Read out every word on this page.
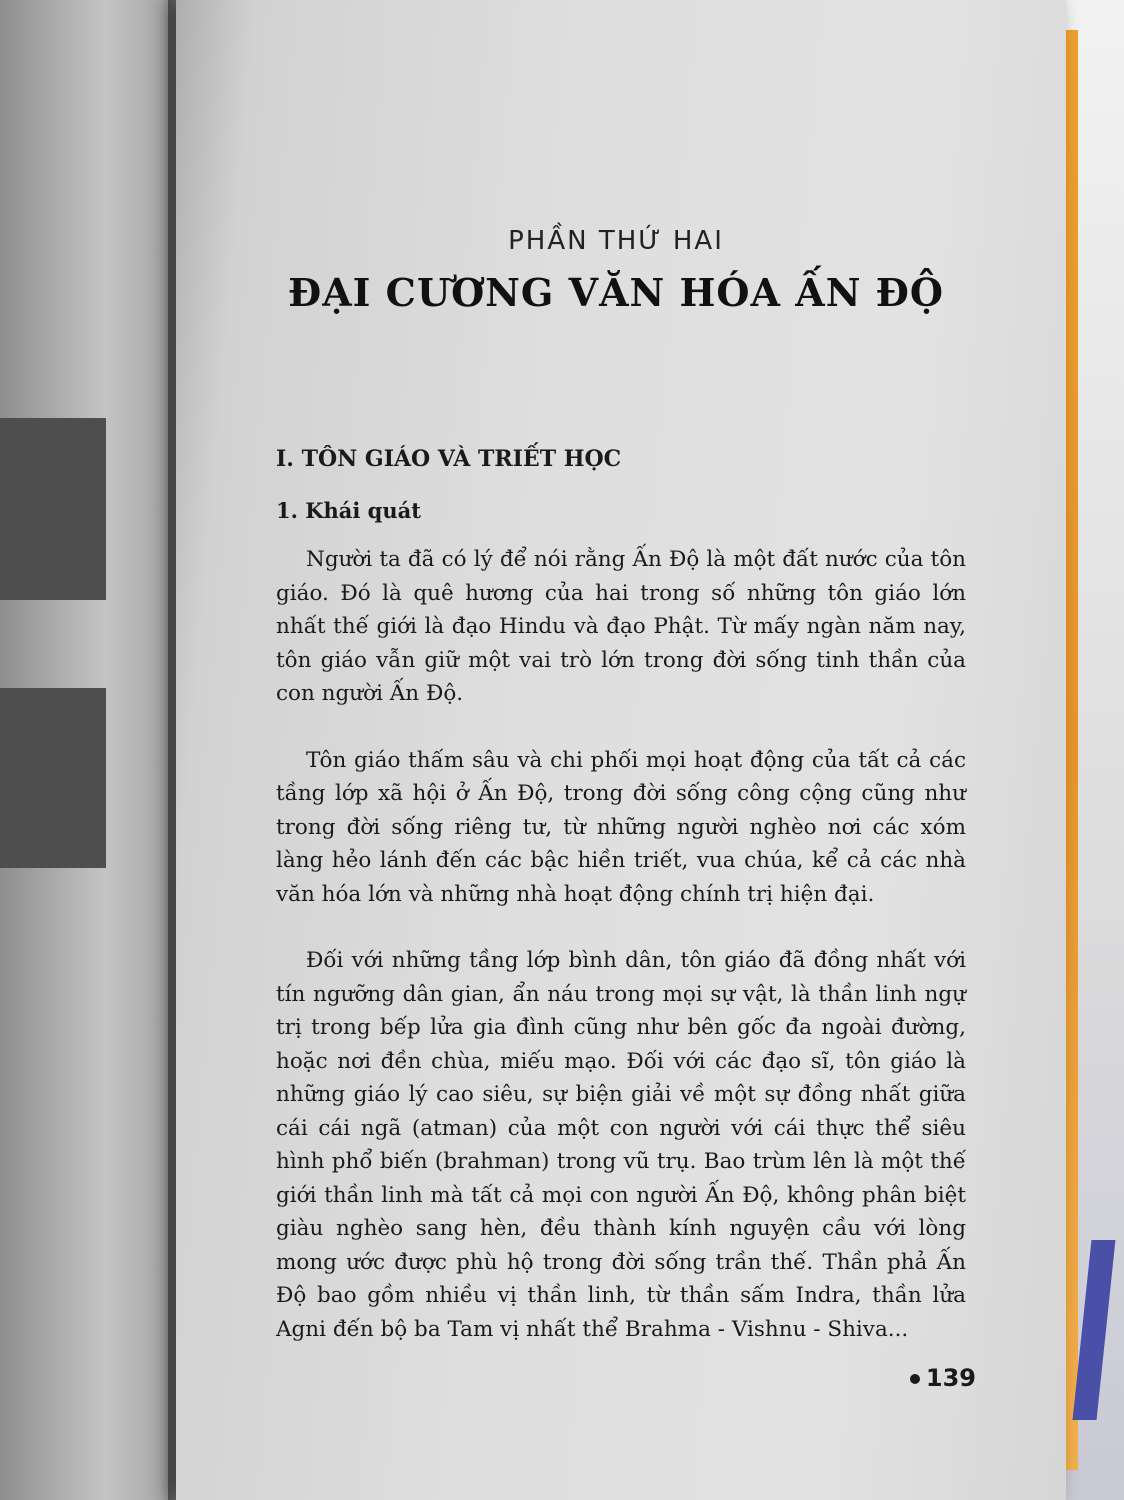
PHẦN THỨ HAI
ĐẠI CƯƠNG VĂN HÓA ẤN ĐỘ
I. TÔN GIÁO VÀ TRIẾT HỌC
1. Khái quát

Người ta đã có lý để nói rằng Ấn Độ là một đất nước của tôn giáo. Đó là quê hương của hai trong số những tôn giáo lớn nhất thế giới là đạo Hindu và đạo Phật. Từ mấy ngàn năm nay, tôn giáo vẫn giữ một vai trò lớn trong đời sống tinh thần của con người Ấn Độ.

Tôn giáo thấm sâu và chi phối mọi hoạt động của tất cả các tầng lớp xã hội ở Ấn Độ, trong đời sống công cộng cũng như trong đời sống riêng tư, từ những người nghèo nơi các xóm làng hẻo lánh đến các bậc hiền triết, vua chúa, kể cả các nhà văn hóa lớn và những nhà hoạt động chính trị hiện đại.

Đối với những tầng lớp bình dân, tôn giáo đã đồng nhất với tín ngưỡng dân gian, ẩn náu trong mọi sự vật, là thần linh ngự trị trong bếp lửa gia đình cũng như bên gốc đa ngoài đường, hoặc nơi đền chùa, miếu mạo. Đối với các đạo sĩ, tôn giáo là những giáo lý cao siêu, sự biện giải về một sự đồng nhất giữa cái cái ngã (atman) của một con người với cái thực thể siêu hình phổ biến (brahman) trong vũ trụ. Bao trùm lên là một thế giới thần linh mà tất cả mọi con người Ấn Độ, không phân biệt giàu nghèo sang hèn, đều thành kính nguyện cầu với lòng mong ước được phù hộ trong đời sống trần thế. Thần phả Ấn Độ bao gồm nhiều vị thần linh, từ thần sấm Indra, thần lửa Agni đến bộ ba Tam vị nhất thể Brahma - Vishnu - Shiva...

139
